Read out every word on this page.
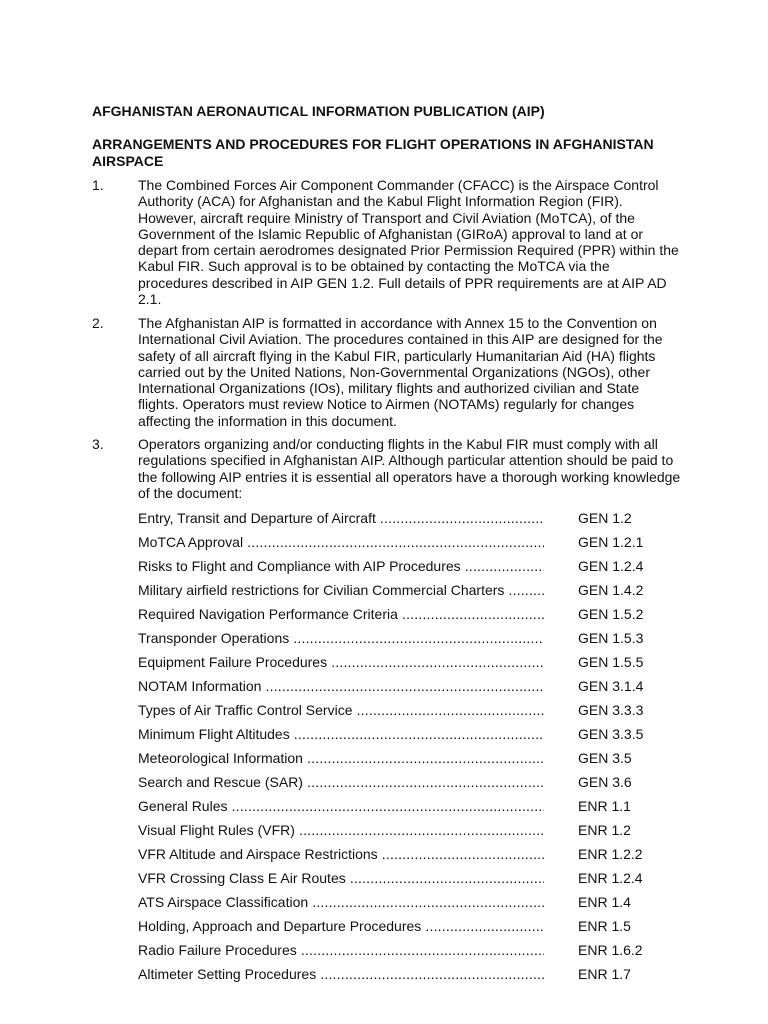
AFGHANISTAN AERONAUTICAL INFORMATION PUBLICATION (AIP)
ARRANGEMENTS AND PROCEDURES FOR FLIGHT OPERATIONS IN AFGHANISTAN AIRSPACE
1. The Combined Forces Air Component Commander (CFACC) is the Airspace Control Authority (ACA) for Afghanistan and the Kabul Flight Information Region (FIR). However, aircraft require Ministry of Transport and Civil Aviation (MoTCA), of the Government of the Islamic Republic of Afghanistan (GIRoA) approval to land at or depart from certain aerodromes designated Prior Permission Required (PPR) within the Kabul FIR. Such approval is to be obtained by contacting the MoTCA via the procedures described in AIP GEN 1.2. Full details of PPR requirements are at AIP AD 2.1.
2. The Afghanistan AIP is formatted in accordance with Annex 15 to the Convention on International Civil Aviation. The procedures contained in this AIP are designed for the safety of all aircraft flying in the Kabul FIR, particularly Humanitarian Aid (HA) flights carried out by the United Nations, Non-Governmental Organizations (NGOs), other International Organizations (IOs), military flights and authorized civilian and State flights. Operators must review Notice to Airmen (NOTAMs) regularly for changes affecting the information in this document.
3. Operators organizing and/or conducting flights in the Kabul FIR must comply with all regulations specified in Afghanistan AIP. Although particular attention should be paid to the following AIP entries it is essential all operators have a thorough working knowledge of the document:
Entry, Transit and Departure of Aircraft .....	GEN 1.2
MoTCA Approval .....	GEN 1.2.1
Risks to Flight and Compliance with AIP Procedures .....	GEN 1.2.4
Military airfield restrictions for Civilian Commercial Charters .....	GEN 1.4.2
Required Navigation Performance Criteria .....	GEN 1.5.2
Transponder Operations .....	GEN 1.5.3
Equipment Failure Procedures .....	GEN 1.5.5
NOTAM Information .....	GEN 3.1.4
Types of Air Traffic Control Service .....	GEN 3.3.3
Minimum Flight Altitudes .....	GEN 3.3.5
Meteorological Information .....	GEN 3.5
Search and Rescue (SAR) .....	GEN 3.6
General Rules .....	ENR 1.1
Visual Flight Rules (VFR) .....	ENR 1.2
VFR Altitude and Airspace Restrictions .....	ENR 1.2.2
VFR Crossing Class E Air Routes .....	ENR 1.2.4
ATS Airspace Classification .....	ENR 1.4
Holding, Approach and Departure Procedures .....	ENR 1.5
Radio Failure Procedures .....	ENR 1.6.2
Altimeter Setting Procedures .....	ENR 1.7
